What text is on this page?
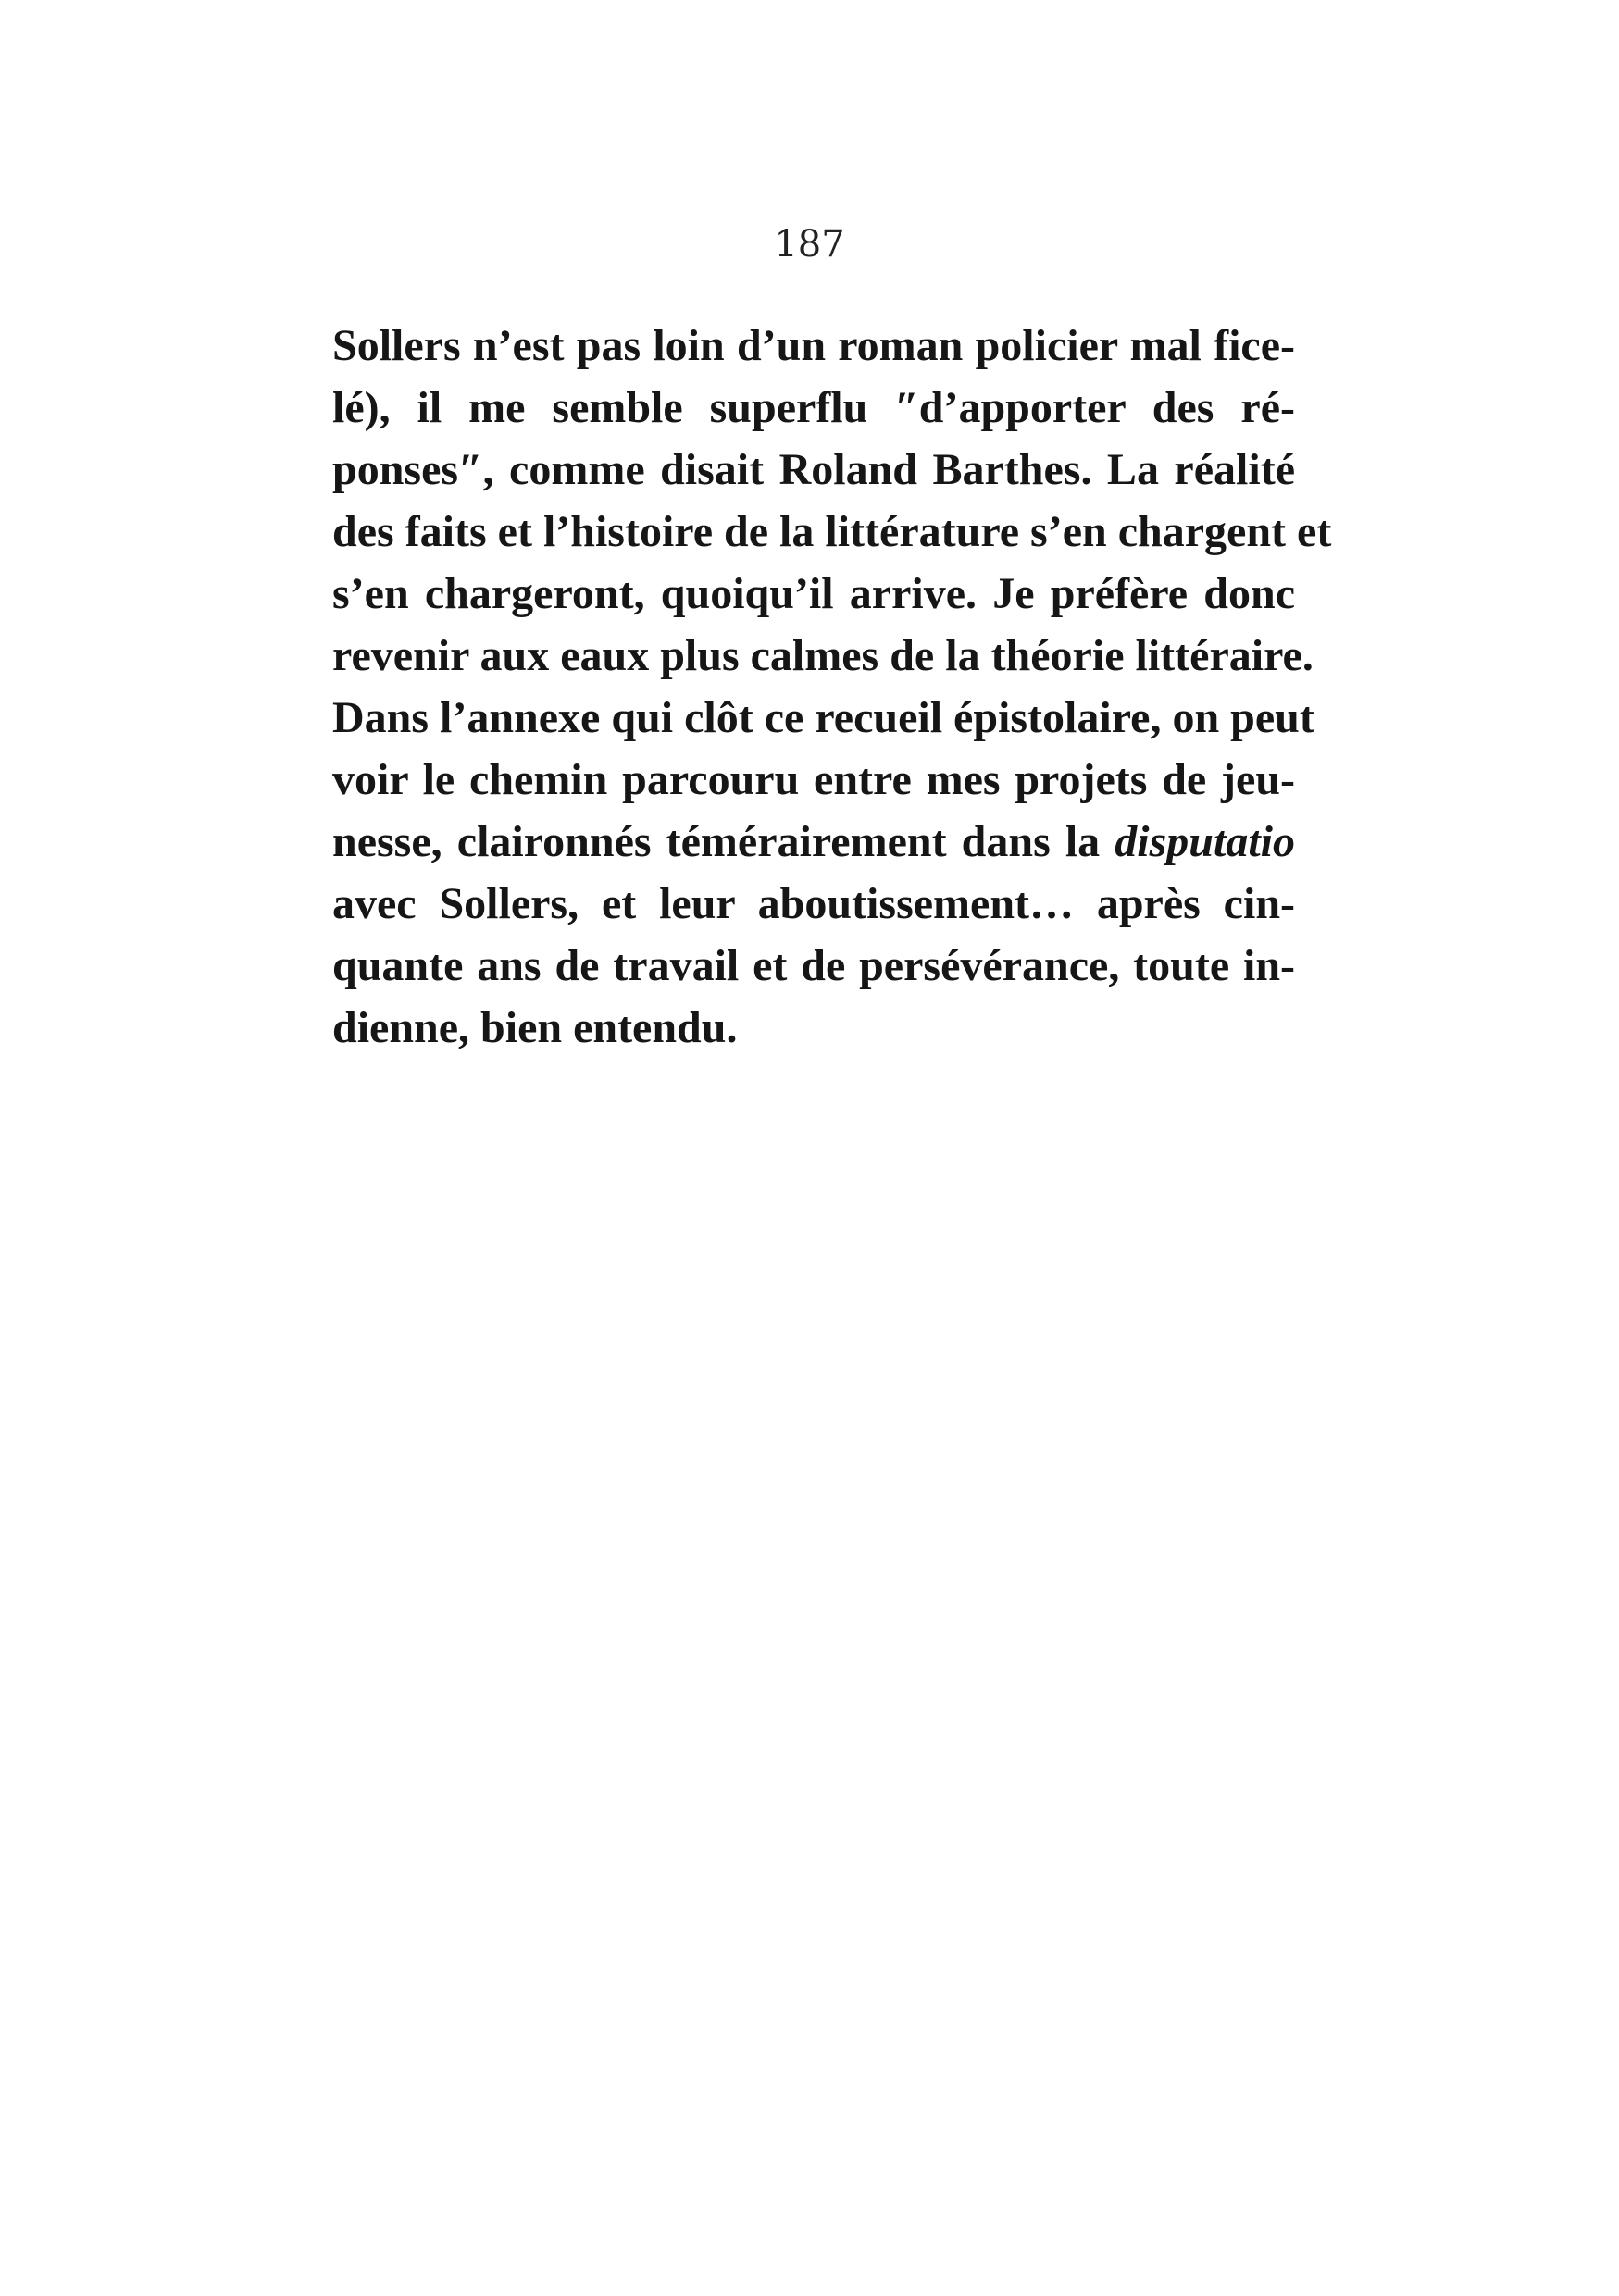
187
Sollers n’est pas loin d’un roman policier mal fice-
lé), il me semble superflu ″d’apporter des ré-
ponses″, comme disait Roland Barthes. La réalité
des faits et l’histoire de la littérature s’en chargent et
s’en chargeront, quoiqu’il arrive. Je préfère donc
revenir aux eaux plus calmes de la théorie littéraire.
Dans l’annexe qui clôt ce recueil épistolaire, on peut
voir le chemin parcouru entre mes projets de jeu-
nesse, claironnés témérairement dans la disputatio
avec Sollers, et leur aboutissement… après cin-
quante ans de travail et de persévérance, toute in-
dienne, bien entendu.
